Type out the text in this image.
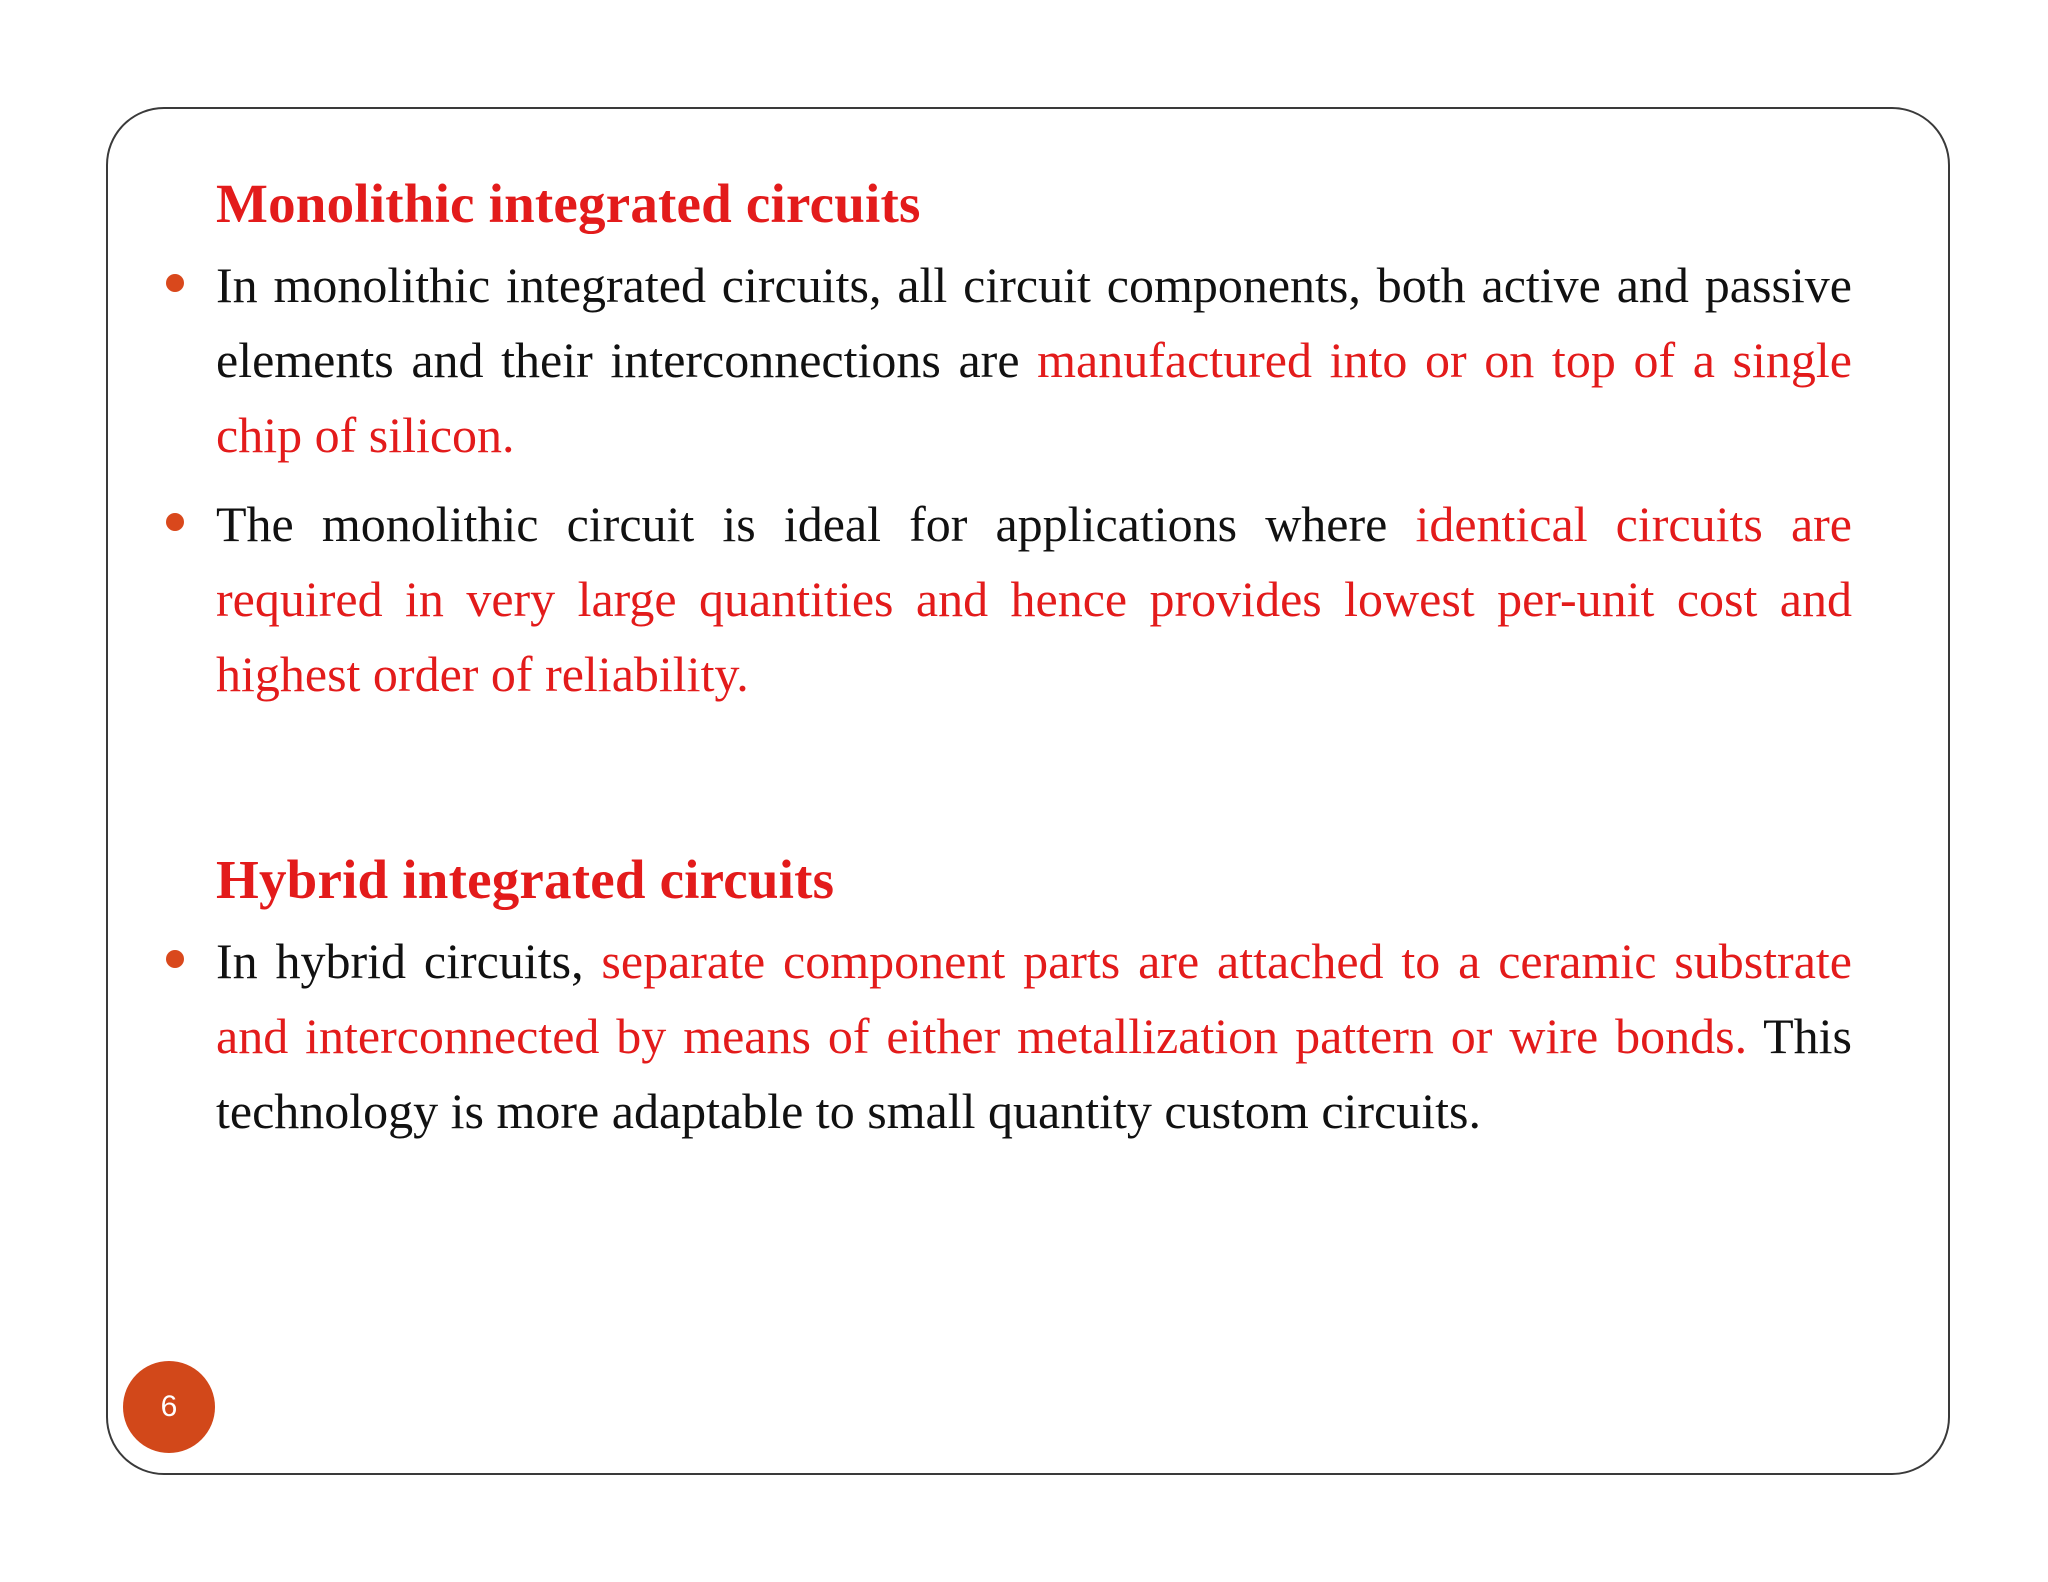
Monolithic integrated circuits
In monolithic integrated circuits, all circuit components, both active and passive elements and their interconnections are manufactured into or on top of a single chip of silicon.
The monolithic circuit is ideal for applications where identical circuits are required in very large quantities and hence provides lowest per-unit cost and highest order of reliability.
Hybrid integrated circuits
In hybrid circuits, separate component parts are attached to a ceramic substrate and interconnected by means of either metallization pattern or wire bonds. This technology is more adaptable to small quantity custom circuits.
6
